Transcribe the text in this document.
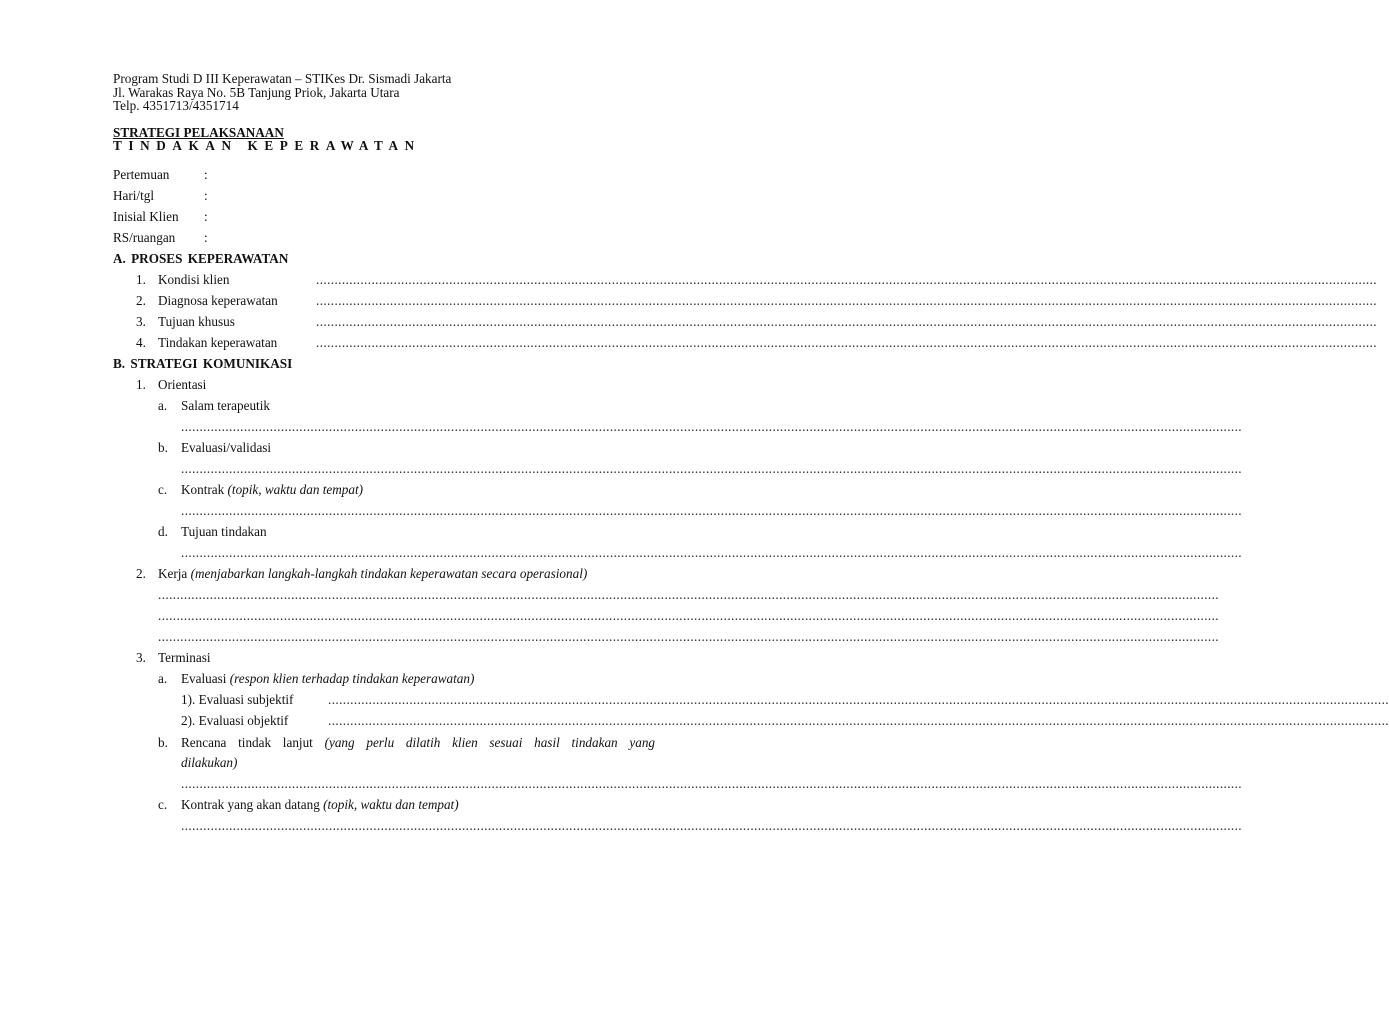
Program Studi D III Keperawatan – STIKes Dr. Sismadi Jakarta
Jl. Warakas Raya No. 5B Tanjung Priok, Jakarta Utara
Telp. 4351713/4351714
STRATEGI PELAKSANAAN
TINDAKAN KEPERAWATAN
Pertemuan	:
Hari/tgl	:
Inisial Klien :
RS/ruangan :
A. PROSES KEPERAWATAN
1. Kondisi klien	...............................................................................................................................................................................................................................................................................................
2. Diagnosa keperawatan	...............................................................................................................................................................................................................................................................................................
3. Tujuan khusus	...............................................................................................................................................................................................................................................................................................
4. Tindakan keperawatan	...............................................................................................................................................................................................................................................................................................
B. STRATEGI KOMUNIKASI
1. Orientasi
a. Salam terapeutik
...............................................................................................................................................................................................................................................................................................
b. Evaluasi/validasi
...............................................................................................................................................................................................................................................................................................
c. Kontrak (topik, waktu dan tempat)
...............................................................................................................................................................................................................................................................................................
d. Tujuan tindakan
...............................................................................................................................................................................................................................................................................................
2. Kerja (menjabarkan langkah-langkah tindakan keperawatan secara operasional)
...............................................................................................................................................................................................................................................................................................
...............................................................................................................................................................................................................................................................................................
...............................................................................................................................................................................................................................................................................................
3. Terminasi
a. Evaluasi (respon klien terhadap tindakan keperawatan)
1). Evaluasi subjektif	...............................................................................................................................................................................................................................................................................................
2). Evaluasi objektif	...............................................................................................................................................................................................................................................................................................
b. Rencana tindak lanjut (yang perlu dilatih klien sesuai hasil tindakan yang
dilakukan)
...............................................................................................................................................................................................................................................................................................
c. Kontrak yang akan datang (topik, waktu dan tempat)
...............................................................................................................................................................................................................................................................................................
